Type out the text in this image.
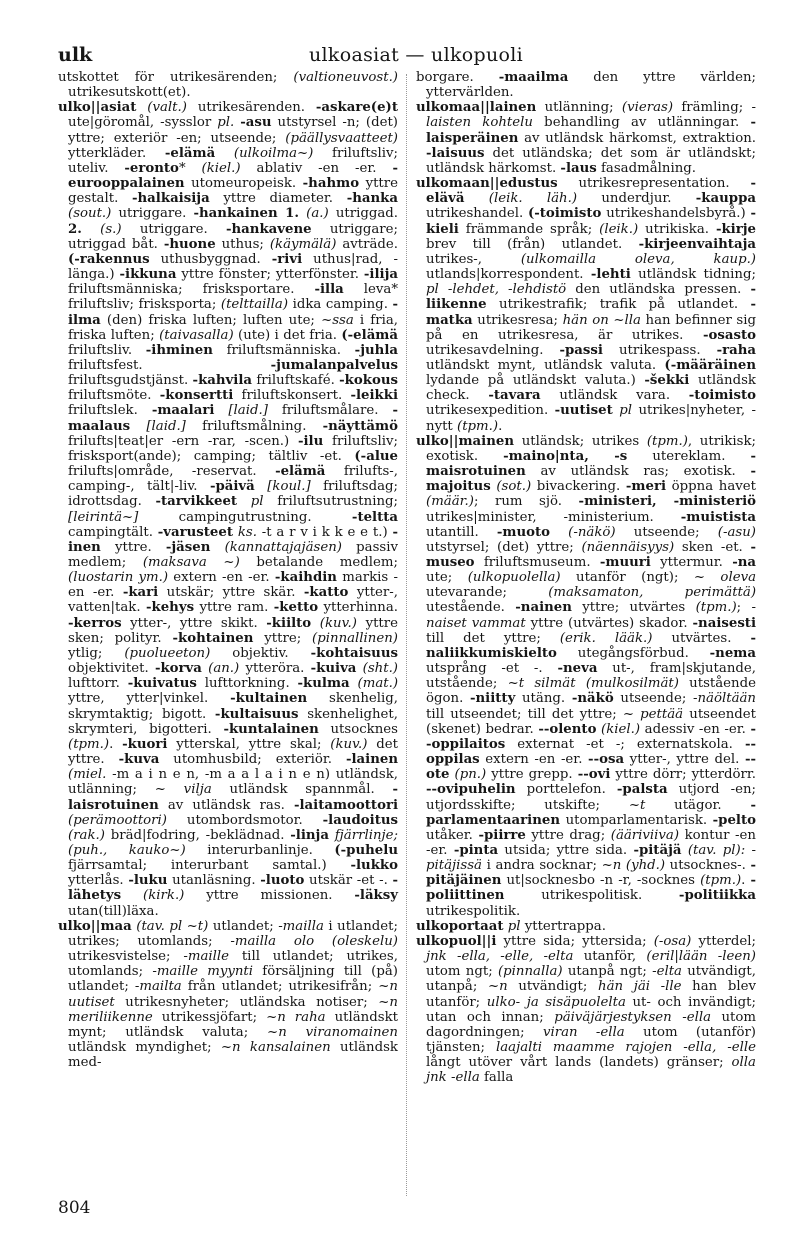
ulk	ulkoasiat — ulkopuoli

utskottet för utrikesärenden; (valtioneuvost.) utrikesutskott(et).

ulko||asiat (valt.) utrikesärenden. -askare(e)t ute|göromål, -sysslor pl. -asu utstyrsel -n; (det) yttre; exteriör -en; utseende; (päällysvaatteet) ytterkläder. -elämä (ulkoilma~) friluftsliv; uteliv. -eronto* (kiel.) ablativ -en -er. -eurooppalainen utomeuropeisk. -hahmo yttre gestalt. -halkaisija yttre diameter. -hanka (sout.) utriggare. -hankainen 1. (a.) utriggad. 2. (s.) utriggare. -hankavene utriggare; utriggad båt. -huone uthus; (käymälä) avträde. (-rakennus uthusbyggnad. -rivi uthus|rad, -länga.) -ikkuna yttre fönster; ytterfönster. -ilija friluftsmänniska; frisksportare. -illa leva* friluftsliv; frisksporta; (telttailla) idka camping. -ilma (den) friska luften; luften ute; ~ssa i fria, friska luften; (taivasalla) (ute) i det fria. (-elämä friluftsliv. -ihminen friluftsmänniska. -juhla friluftsfest. -jumalanpalvelus friluftsgudstjänst. -kahvila friluftskafé. -kokous friluftsmöte. -konsertti friluftskonsert. -leikki friluftslek. -maalari [laid.] friluftsmålare. -maalaus [laid.] friluftsmålning. -näyttämö frilufts|teat|er -ern -rar, -scen.) -ilu friluftsliv; frisksport(ande); camping; tältliv -et. (-alue frilufts|område, -reservat. -elämä frilufts-, camping-, tält|-liv. -päivä [koul.] friluftsdag; idrottsdag. -tarvikkeet pl friluftsutrustning; [leirintä~] campingutrustning. -teltta campingtält. -varusteet ks. -t a r v i k k e e t.) -inen yttre. -jäsen (kannattajajäsen) passiv medlem; (maksava ~) betalande medlem; (luostarin ym.) extern -en -er. -kaihdin markis -en -er. -kari utskär; yttre skär. -katto ytter-, vatten|tak. -kehys yttre ram. -ketto ytterhinna. -kerros ytter-, yttre skikt. -kiilto (kuv.) yttre sken; polityr. -kohtainen yttre; (pinnallinen) ytlig; (puolueeton) objektiv. -kohtaisuus objektivitet. -korva (an.) ytteröra. -kuiva (sht.) lufttorr. -kuivatus lufttorkning. -kulma (mat.) yttre, ytter|vinkel. -kultainen skenhelig, skrymtaktig; bigott. -kultaisuus skenhelighet, skrymteri, bigotteri. -kuntalainen utsocknes (tpm.). -kuori ytterskal, yttre skal; (kuv.) det yttre. -kuva utomhusbild; exteriör. -lainen (miel. -m a i n e n, -m a a l a i n e n) utländsk, utlänning; ~ vilja utländsk spannmål. -laisrotuinen av utländsk ras. -laitamoottori (perämoottori) utombordsmotor. -laudoitus (rak.) bräd|fodring, -beklädnad. -linja fjärrlinje; (puh., kauko~) interurbanlinje. (-puhelu fjärrsamtal; interurbant samtal.) -lukko ytterlås. -luku utanläsning. -luoto utskär -et -. -lähetys (kirk.) yttre missionen. -läksy utan(till)läxa.

ulko||maa (tav. pl ~t) utlandet; -mailla i utlandet; utrikes; utomlands; -mailla olo (oleskelu) utrikesvistelse; -maille till utlandet; utrikes, utomlands; -maille myynti försäljning till (på) utlandet; -mailta från utlandet; utrikesifrån; ~n uutiset utrikesnyheter; utländska notiser; ~n meriliikenne utrikessjöfart; ~n raha utländskt mynt; utländsk valuta; ~n viranomainen utländsk myndighet; ~n kansalainen utländsk med-

borgare. -maailma den yttre världen; yttervärlden.

ulkomaa||lainen utlänning; (vieras) främling; -laisten kohtelu behandling av utlänningar. -laisperäinen av utländsk härkomst, extraktion. -laisuus det utländska; det som är utländskt; utländsk härkomst. -laus fasadmålning.

ulkomaan||edustus utrikesrepresentation. -elävä (leik. läh.) underdjur. -kauppa utrikeshandel. (-toimisto utrikeshandelsbyrå.) -kieli främmande språk; (leik.) utrikiska. -kirje brev till (från) utlandet. -kirjeenvaihtaja utrikes-, (ulkomailla oleva, kaup.) utlands|korrespondent. -lehti utländsk tidning; pl -lehdet, -lehdistö den utländska pressen. -liikenne utrikestrafik; trafik på utlandet. -matka utrikesresa; hän on ~lla han befinner sig på en utrikesresa, är utrikes. -osasto utrikesavdelning. -passi utrikespass. -raha utländskt mynt, utländsk valuta. (-määräinen lydande på utländskt valuta.) -šekki utländsk check. -tavara utländsk vara. -toimisto utrikesexpedition. -uutiset pl utrikes|nyheter, -nytt (tpm.).

ulko||mainen utländsk; utrikes (tpm.), utrikisk; exotisk. -maino|nta, -s utereklam. -maisrotuinen av utländsk ras; exotisk. -majoitus (sot.) bivackering. -meri öppna havet (määr.); rum sjö. -ministeri, -ministeriö utrikes|minister, -ministerium. -muistista utantill. -muoto (-näkö) utseende; (-asu) utstyrsel; (det) yttre; (näennäisyys) sken -et. -museo friluftsmuseum. -muuri yttermur. -na ute; (ulkopuolella) utanför (ngt); ~ oleva utevarande; (maksamaton, perimättä) utestående. -nainen yttre; utvärtes (tpm.); -naiset vammat yttre (utvärtes) skador. -naisesti till det yttre; (erik. lääk.) utvärtes. -naliikkumiskielto utegångsförbud. -nema utsprång -et -. -neva ut-, fram|skjutande, utstående; ~t silmät (mulkosilmät) utstående ögon. -niitty utäng. -näkö utseende; -näöltään till utseendet; till det yttre; ~ pettää utseendet (skenet) bedrar. --olento (kiel.) adessiv -en -er. --oppilaitos externat -et -; externatskola. --oppilas extern -en -er. --osa ytter-, yttre del. --ote (pn.) yttre grepp. --ovi yttre dörr; ytterdörr. --ovipuhelin porttelefon. -palsta utjord -en; utjordsskifte; utskifte; ~t utägor. -parlamentaarinen utomparlamentarisk. -pelto utåker. -piirre yttre drag; (ääriviiva) kontur -en -er. -pinta utsida; yttre sida. -pitäjä (tav. pl): -pitäjissä i andra socknar; ~n (yhd.) utsocknes-. -pitäjäinen ut|socknesbo -n -r, -socknes (tpm.). -poliittinen utrikespolitisk. -politiikka utrikespolitik.

ulkoportaat pl yttertrappa.

ulkopuol||i yttre sida; yttersida; (-osa) ytterdel; jnk -ella, -elle, -elta utanför, (eril|lään -leen) utom ngt; (pinnalla) utanpå ngt; -elta utvändigt, utanpå; ~n utvändigt; hän jäi -lle han blev utanför; ulko- ja sisäpuolelta ut- och invändigt; utan och innan; päiväjärjestyksen -ella utom dagordningen; viran -ella utom (utanför) tjänsten; laajalti maamme rajojen -ella, -elle långt utöver vårt lands (landets) gränser; olla jnk -ella falla

804
